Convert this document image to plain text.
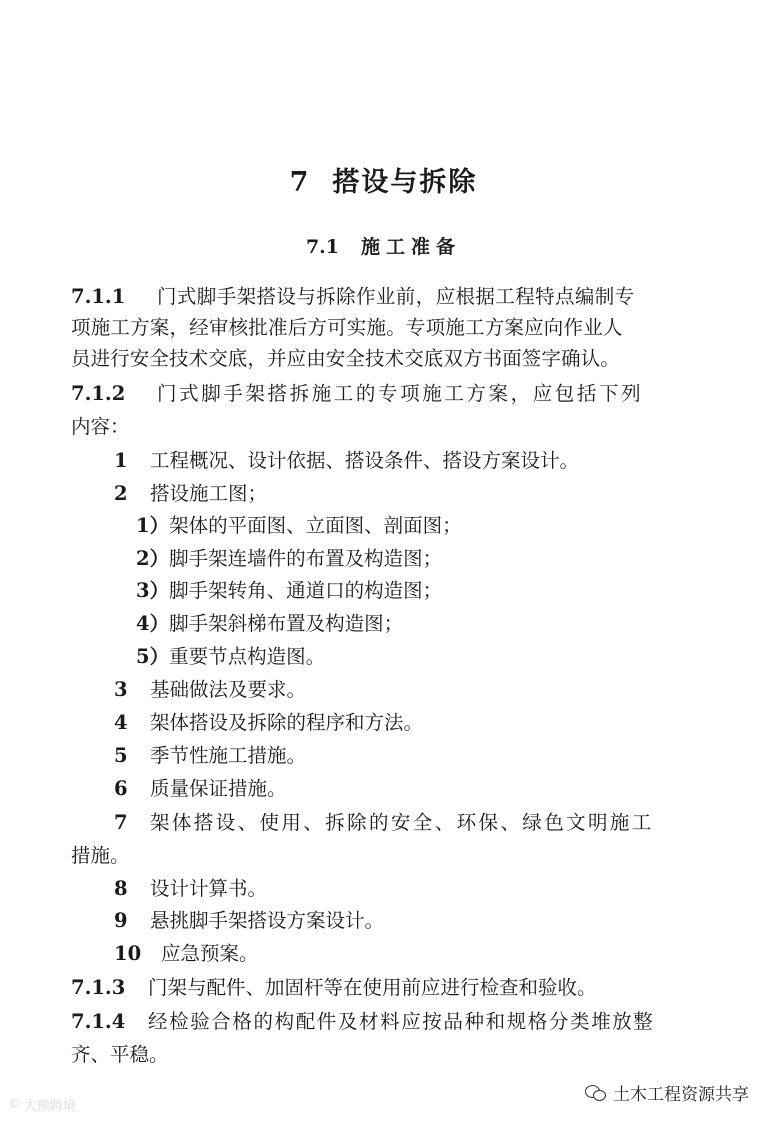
7 搭设与拆除
7.1 施工准备
7.1.1 门式脚手架搭设与拆除作业前，应根据工程特点编制专
项施工方案，经审核批准后方可实施。专项施工方案应向作业人
员进行安全技术交底，并应由安全技术交底双方书面签字确认。
7.1.2 门式脚手架搭拆施工的专项施工方案，应包括下列
内容：
1 工程概况、设计依据、搭设条件、搭设方案设计。
2 搭设施工图；
1）架体的平面图、立面图、剖面图；
2）脚手架连墙件的布置及构造图；
3）脚手架转角、通道口的构造图；
4）脚手架斜梯布置及构造图；
5）重要节点构造图。
3 基础做法及要求。
4 架体搭设及拆除的程序和方法。
5 季节性施工措施。
6 质量保证措施。
7 架体搭设、使用、拆除的安全、环保、绿色文明施工
措施。
8 设计计算书。
9 悬挑脚手架搭设方案设计。
10 应急预案。
7.1.3 门架与配件、加固杆等在使用前应进行检查和验收。
7.1.4 经检验合格的构配件及材料应按品种和规格分类堆放整
齐、平稳。
土木工程资源共享
© 大熊跨境
